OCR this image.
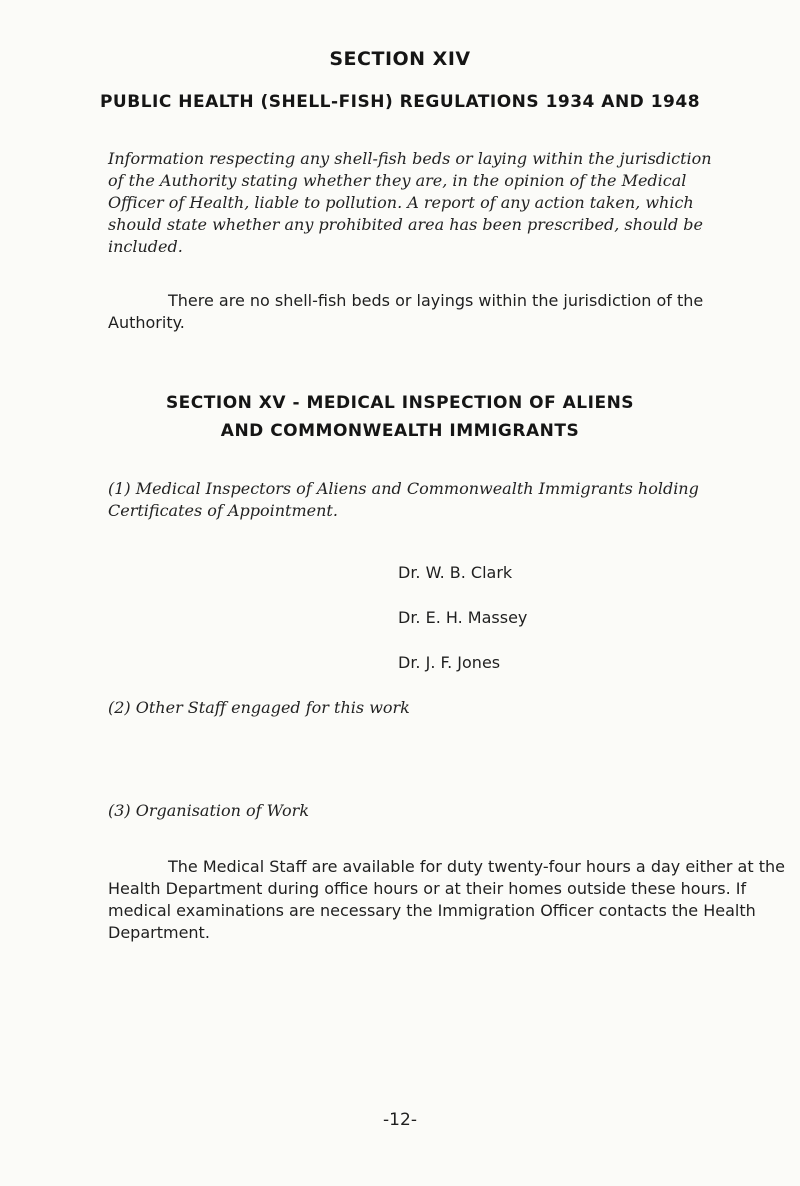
SECTION XIV
PUBLIC HEALTH (SHELL-FISH) REGULATIONS 1934 AND 1948
Information respecting any shell-fish beds or laying within the jurisdiction of the Authority stating whether they are, in the opinion of the Medical Officer of Health, liable to pollution. A report of any action taken, which should state whether any prohibited area has been prescribed, should be included.
There are no shell-fish beds or layings within the jurisdiction of the Authority.
SECTION XV - MEDICAL INSPECTION OF ALIENS
AND COMMONWEALTH IMMIGRANTS
(1) Medical Inspectors of Aliens and Commonwealth Immigrants holding Certificates of Appointment.
Dr. W. B. Clark
Dr. E. H. Massey
Dr. J. F. Jones
(2) Other Staff engaged for this work
(3) Organisation of Work
The Medical Staff are available for duty twenty-four hours a day either at the Health Department during office hours or at their homes outside these hours. If medical examinations are necessary the Immigration Officer contacts the Health Department.
-12-
